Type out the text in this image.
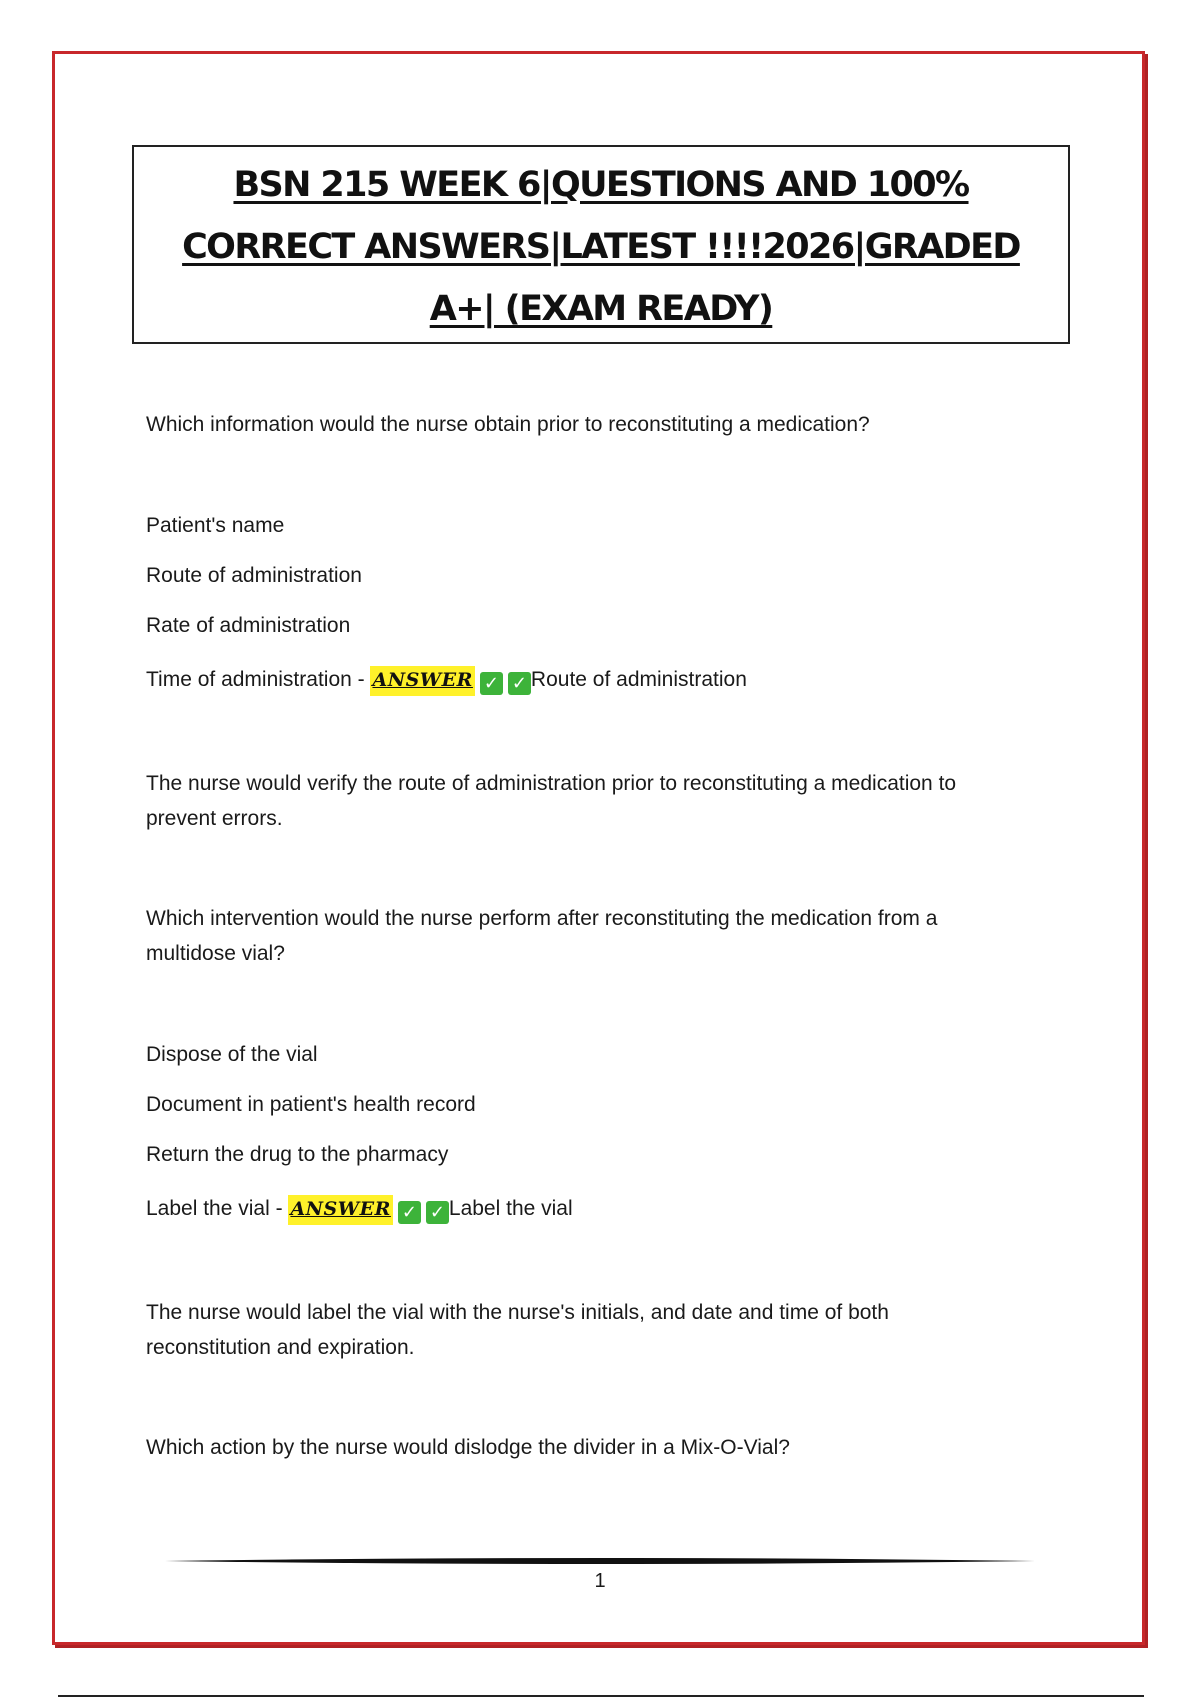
BSN 215 WEEK 6|QUESTIONS AND 100%
CORRECT ANSWERS|LATEST !!!!2026|GRADED
A+| (EXAM READY)
Which information would the nurse obtain prior to reconstituting a medication?
Patient's name
Route of administration
Rate of administration
Time of administration - ANSWER ✓ ✓ Route of administration
The nurse would verify the route of administration prior to reconstituting a medication to
prevent errors.
Which intervention would the nurse perform after reconstituting the medication from a
multidose vial?
Dispose of the vial
Document in patient's health record
Return the drug to the pharmacy
Label the vial - ANSWER ✓ ✓ Label the vial
The nurse would label the vial with the nurse's initials, and date and time of both
reconstitution and expiration.
Which action by the nurse would dislodge the divider in a Mix-O-Vial?
1
